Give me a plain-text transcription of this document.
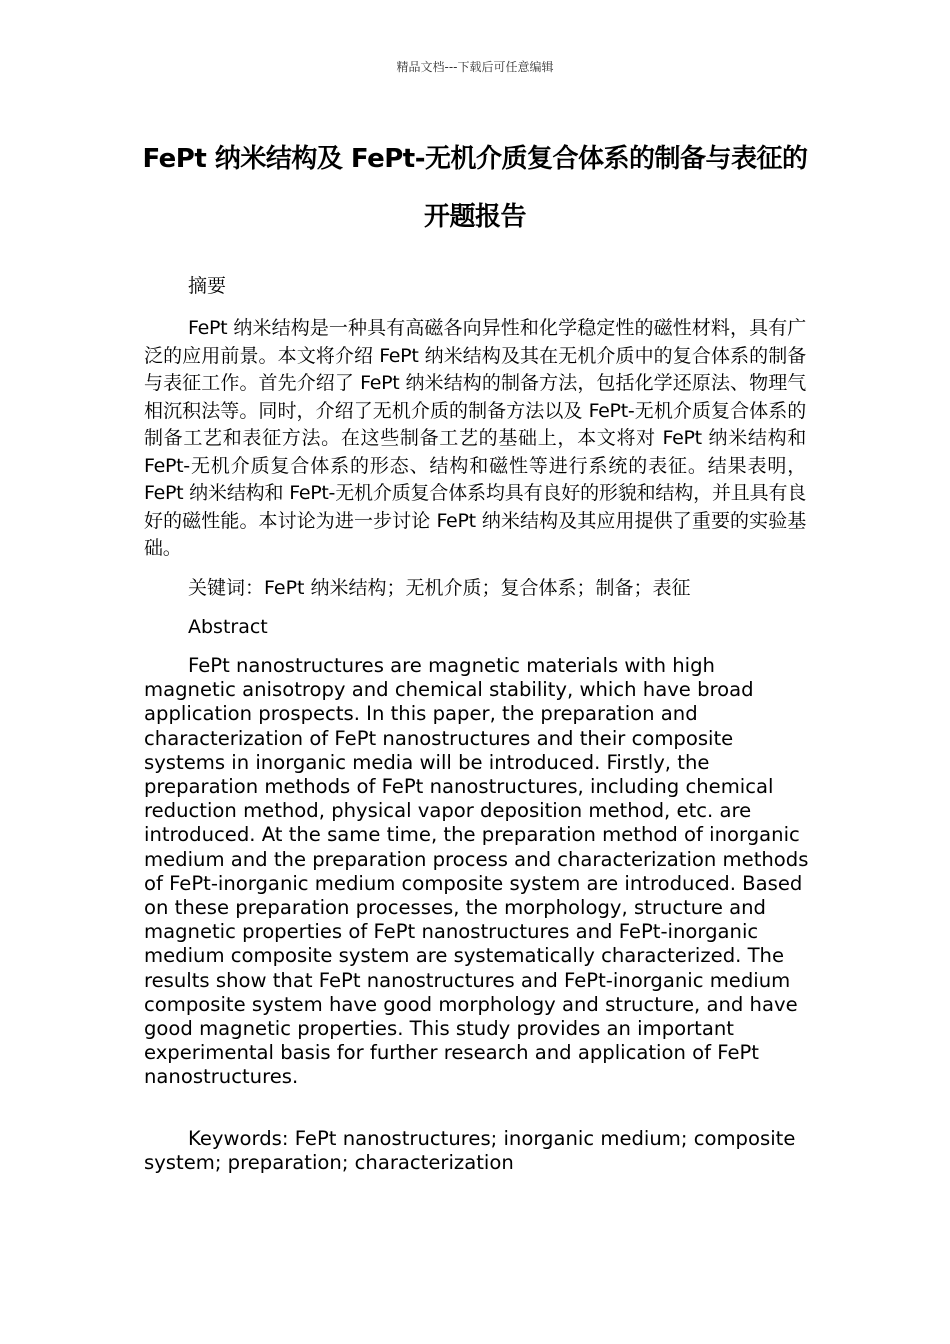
精品文档---下载后可任意编辑
FePt 纳米结构及 FePt-无机介质复合体系的制备与表征的开题报告
摘要
FePt 纳米结构是一种具有高磁各向异性和化学稳定性的磁性材料，具有广泛的应用前景。本文将介绍 FePt 纳米结构及其在无机介质中的复合体系的制备与表征工作。首先介绍了 FePt 纳米结构的制备方法，包括化学还原法、物理气相沉积法等。同时，介绍了无机介质的制备方法以及 FePt-无机介质复合体系的制备工艺和表征方法。在这些制备工艺的基础上，本文将对 FePt 纳米结构和 FePt-无机介质复合体系的形态、结构和磁性等进行系统的表征。结果表明，FePt 纳米结构和 FePt-无机介质复合体系均具有良好的形貌和结构，并且具有良好的磁性能。本讨论为进一步讨论 FePt 纳米结构及其应用提供了重要的实验基础。
关键词：FePt 纳米结构；无机介质；复合体系；制备；表征
Abstract
FePt nanostructures are magnetic materials with high magnetic anisotropy and chemical stability, which have broad application prospects. In this paper, the preparation and characterization of FePt nanostructures and their composite systems in inorganic media will be introduced. Firstly, the preparation methods of FePt nanostructures, including chemical reduction method, physical vapor deposition method, etc. are introduced. At the same time, the preparation method of inorganic medium and the preparation process and characterization methods of FePt-inorganic medium composite system are introduced. Based on these preparation processes, the morphology, structure and magnetic properties of FePt nanostructures and FePt-inorganic medium composite system are systematically characterized. The results show that FePt nanostructures and FePt-inorganic medium composite system have good morphology and structure, and have good magnetic properties. This study provides an important experimental basis for further research and application of FePt nanostructures.
Keywords: FePt nanostructures; inorganic medium; composite system; preparation; characterization
